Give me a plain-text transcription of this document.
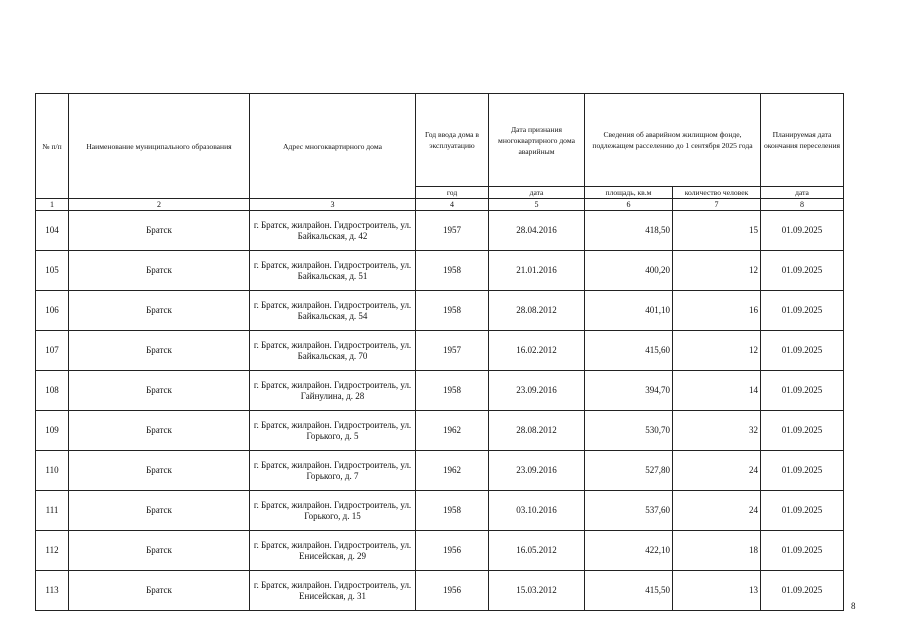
№ п/п	Наименование муниципального образования	Адрес многоквартирного дома	Год ввода дома в эксплуатацию	Дата признания многоквартирного дома аварийным	Сведения об аварийном жилищном фонде, подлежащем расселению до 1 сентября 2025 года		Планируемая дата окончания переселения
			год	дата	площадь, кв.м	количество человек	дата
1	2	3	4	5	6	7	8
104	Братск	г. Братск, жилрайон. Гидростроитель, ул. Байкальская, д. 42	1957	28.04.2016	418,50	15	01.09.2025
105	Братск	г. Братск, жилрайон. Гидростроитель, ул. Байкальская, д. 51	1958	21.01.2016	400,20	12	01.09.2025
106	Братск	г. Братск, жилрайон. Гидростроитель, ул. Байкальская, д. 54	1958	28.08.2012	401,10	16	01.09.2025
107	Братск	г. Братск, жилрайон. Гидростроитель, ул. Байкальская, д. 70	1957	16.02.2012	415,60	12	01.09.2025
108	Братск	г. Братск, жилрайон. Гидростроитель, ул. Гайнулина, д. 28	1958	23.09.2016	394,70	14	01.09.2025
109	Братск	г. Братск, жилрайон. Гидростроитель, ул. Горького, д. 5	1962	28.08.2012	530,70	32	01.09.2025
110	Братск	г. Братск, жилрайон. Гидростроитель, ул. Горького, д. 7	1962	23.09.2016	527,80	24	01.09.2025
111	Братск	г. Братск, жилрайон. Гидростроитель, ул. Горького, д. 15	1958	03.10.2016	537,60	24	01.09.2025
112	Братск	г. Братск, жилрайон. Гидростроитель, ул. Енисейская, д. 29	1956	16.05.2012	422,10	18	01.09.2025
113	Братск	г. Братск, жилрайон. Гидростроитель, ул. Енисейская, д. 31	1956	15.03.2012	415,50	13	01.09.2025
8
